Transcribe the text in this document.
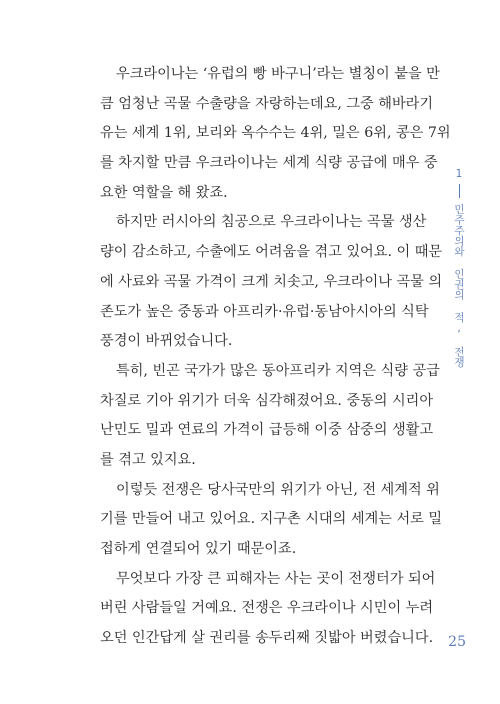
우크라이나는 ‘유럽의 빵 바구니’라는 별칭이 붙을 만
큼 엄청난 곡물 수출량을 자랑하는데요, 그중 해바라기
유는 세계 1위, 보리와 옥수수는 4위, 밀은 6위, 콩은 7위
를 차지할 만큼 우크라이나는 세계 식량 공급에 매우 중
요한 역할을 해 왔죠.

하지만 러시아의 침공으로 우크라이나는 곡물 생산
량이 감소하고, 수출에도 어려움을 겪고 있어요. 이 때문
에 사료와 곡물 가격이 크게 치솟고, 우크라이나 곡물 의
존도가 높은 중동과 아프리카·유럽·동남아시아의 식탁
풍경이 바뀌었습니다.

특히, 빈곤 국가가 많은 동아프리카 지역은 식량 공급
차질로 기아 위기가 더욱 심각해졌어요. 중동의 시리아
난민도 밀과 연료의 가격이 급등해 이중 삼중의 생활고
를 겪고 있지요.

이렇듯 전쟁은 당사국만의 위기가 아닌, 전 세계적 위
기를 만들어 내고 있어요. 지구촌 시대의 세계는 서로 밀
접하게 연결되어 있기 때문이죠.

무엇보다 가장 큰 피해자는 사는 곳이 전쟁터가 되어
버린 사람들일 거예요. 전쟁은 우크라이나 시민이 누려
오던 인간답게 살 권리를 송두리째 짓밟아 버렸습니다.

1
민주주의와 인권의 적, 전쟁
25
